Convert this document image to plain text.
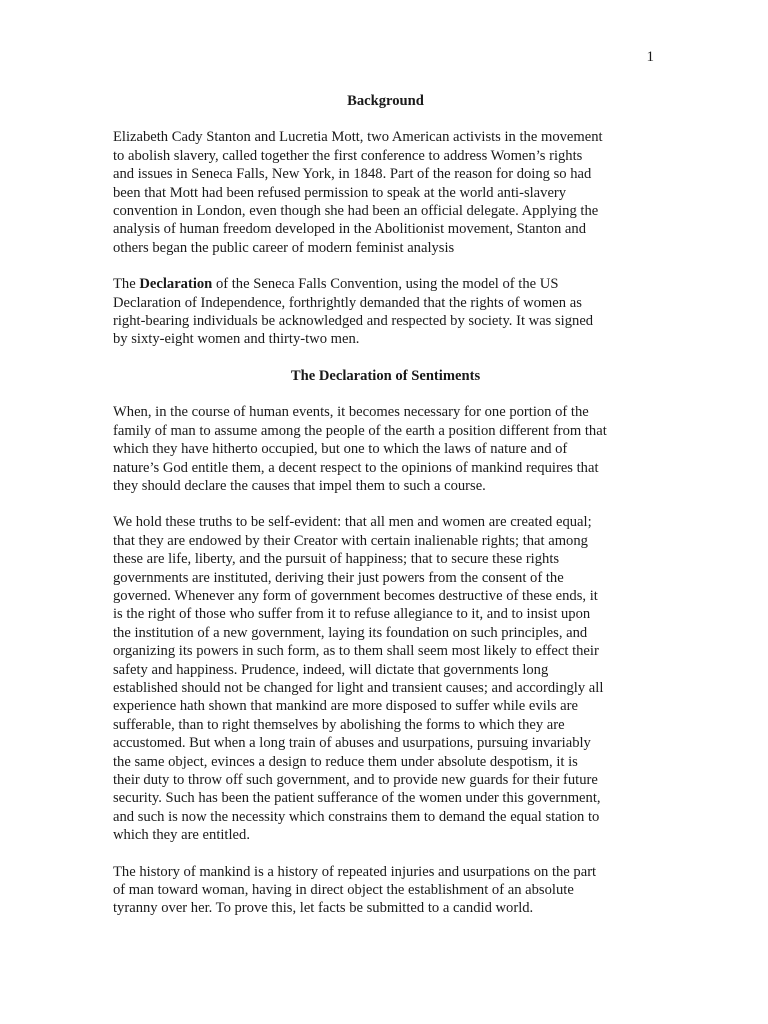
1
Background
Elizabeth Cady Stanton and Lucretia Mott, two American activists in the movement
to abolish slavery, called together the first conference to address Women’s rights
and issues in Seneca Falls, New York, in 1848. Part of the reason for doing so had
been that Mott had been refused permission to speak at the world anti-slavery
convention in London, even though she had been an official delegate. Applying the
analysis of human freedom developed in the Abolitionist movement, Stanton and
others began the public career of modern feminist analysis
The Declaration of the Seneca Falls Convention, using the model of the US
Declaration of Independence, forthrightly demanded that the rights of women as
right-bearing individuals be acknowledged and respected by society. It was signed
by sixty-eight women and thirty-two men.
The Declaration of Sentiments
When, in the course of human events, it becomes necessary for one portion of the
family of man to assume among the people of the earth a position different from that
which they have hitherto occupied, but one to which the laws of nature and of
nature’s God entitle them, a decent respect to the opinions of mankind requires that
they should declare the causes that impel them to such a course.
We hold these truths to be self-evident: that all men and women are created equal;
that they are endowed by their Creator with certain inalienable rights; that among
these are life, liberty, and the pursuit of happiness; that to secure these rights
governments are instituted, deriving their just powers from the consent of the
governed. Whenever any form of government becomes destructive of these ends, it
is the right of those who suffer from it to refuse allegiance to it, and to insist upon
the institution of a new government, laying its foundation on such principles, and
organizing its powers in such form, as to them shall seem most likely to effect their
safety and happiness. Prudence, indeed, will dictate that governments long
established should not be changed for light and transient causes; and accordingly all
experience hath shown that mankind are more disposed to suffer while evils are
sufferable, than to right themselves by abolishing the forms to which they are
accustomed. But when a long train of abuses and usurpations, pursuing invariably
the same object, evinces a design to reduce them under absolute despotism, it is
their duty to throw off such government, and to provide new guards for their future
security. Such has been the patient sufferance of the women under this government,
and such is now the necessity which constrains them to demand the equal station to
which they are entitled.
The history of mankind is a history of repeated injuries and usurpations on the part
of man toward woman, having in direct object the establishment of an absolute
tyranny over her. To prove this, let facts be submitted to a candid world.
